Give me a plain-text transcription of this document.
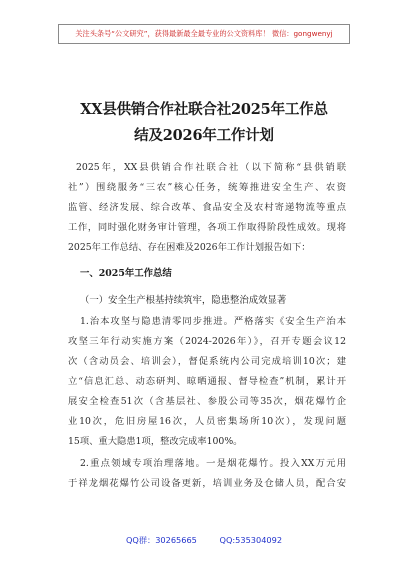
关注头条号“公文研究”，获得最新最全最专业的公文资料库！ 微信：gongwenyj
XX县供销合作社联合社2025年工作总
结及2026年工作计划
2025年，XX县供销合作社联合社（以下简称“县供销联
社”）围绕服务“三农”核心任务，统筹推进安全生产、农资
监管、经济发展、综合改革、食品安全及农村寄递物流等重点
工作，同时强化财务审计管理，各项工作取得阶段性成效。现将
2025年工作总结、存在困难及2026年工作计划报告如下：
一、2025年工作总结
（一）安全生产根基持续筑牢，隐患整治成效显著
1.治本攻坚与隐患清零同步推进。严格落实《安全生产治本
攻坚三年行动实施方案（2024-2026年）》，召开专题会议12
次（含动员会、培训会），督促系统内公司完成培训10次；建
立“信息汇总、动态研判、晾晒通报、督导检查”机制，累计开
展安全检查51次（含基层社、参股公司等35次，烟花爆竹企
业10次，危旧房屋16次，人员密集场所10次），发现问题
15项、重大隐患1项，整改完成率100%。
2.重点领域专项治理落地。一是烟花爆竹。投入XX万元用
于祥龙烟花爆竹公司设备更新，培训业务及仓储人员，配合安
QQ群：30265665	QQ:535304092
